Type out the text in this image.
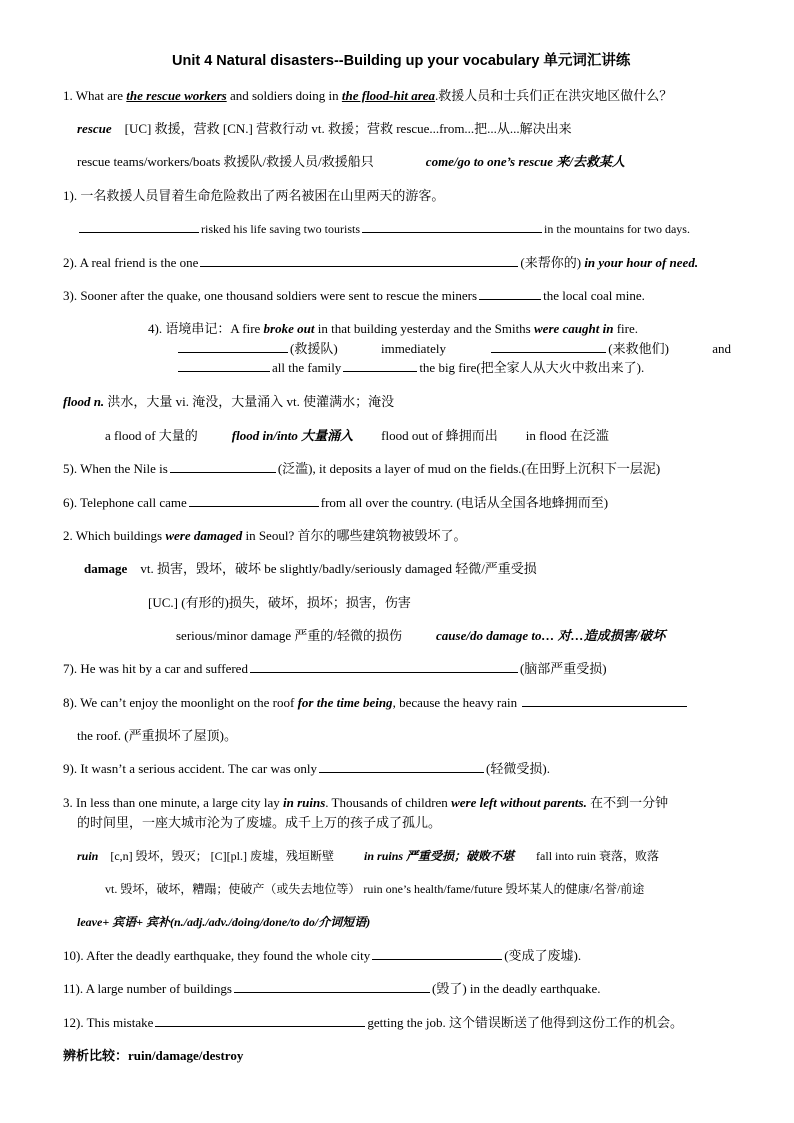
Unit 4 Natural disasters--Building up your vocabulary 单元词汇讲练
1. What are the rescue workers and soldiers doing in the flood-hit area.救援人员和士兵们正在洪灾地区做什么？
rescue [UC] 救援，营救 [CN.] 营救行动 vt. 救援；营救 rescue...from...把...从...解决出来
rescue teams/workers/boats 救援队/救援人员/救援船只	come/go to one’s rescue 来/去救某人
1). 一名救援人员冒着生命危险救出了两名被困在山里两天的游客。
risked his life saving two tourists	in the mountains for two days.
2). A real friend is the one	(来帮你的) in your hour of need.
3). Sooner after the quake, one thousand soldiers were sent to rescue the miners	the local coal mine.
4). 语境串记：A fire broke out in that building yesterday and the Smiths were caught in fire.
(救援队)	immediately	(来救他们)	and
all the family	the big fire(把全家人从大火中救出来了).
flood n. 洪水，大量 vi. 淹没，大量涌入 vt. 使灌满水；淹没
a flood of 大量的	flood in/into 大量涌入 flood out of 蜂拥而出 in flood 在泛滥
5). When the Nile is	(泛滥), it deposits a layer of mud on the fields.(在田野上沉积下一层泥)
6). Telephone call came	from all over the country. (电话从全国各地蜂拥而至)
2. Which buildings were damaged in Seoul? 首尔的哪些建筑物被毁坏了。
damage vt. 损害，毁坏，破坏 be slightly/badly/seriously damaged 轻微/严重受损
[UC.] (有形的)损失，破坏，损坏；损害，伤害
serious/minor damage 严重的/轻微的损伤	cause/do damage to… 对…造成损害/破坏
7). He was hit by a car and suffered	(脑部严重受损)
8). We can’t enjoy the moonlight on the roof for the time being, because the heavy rain
the roof. (严重损坏了屋顶)。
9). It wasn’t a serious accident. The car was only	(轻微受损).
3. In less than one minute, a large city lay in ruins. Thousands of children were left without parents. 在不到一分钟
的时间里，一座大城市沦为了废墟。成千上万的孩子成了孤儿。
ruin [c,n] 毁坏，毁灭； [C][pl.] 废墟，残垣断壁	in ruins 严重受损；破败不堪 fall into ruin 衰落，败落
vt. 毁坏，破坏，糟蹋；使破产（或失去地位等） ruin one’s health/fame/future 毁坏某人的健康/名誉/前途
leave+ 宾语+ 宾补(n./adj./adv./doing/done/to do/介词短语)
10). After the deadly earthquake, they found the whole city	(变成了废墟).
11). A large number of buildings	(毁了) in the deadly earthquake.
12). This mistake	getting the job. 这个错误断送了他得到这份工作的机会。
辨析比较：ruin/damage/destroy
